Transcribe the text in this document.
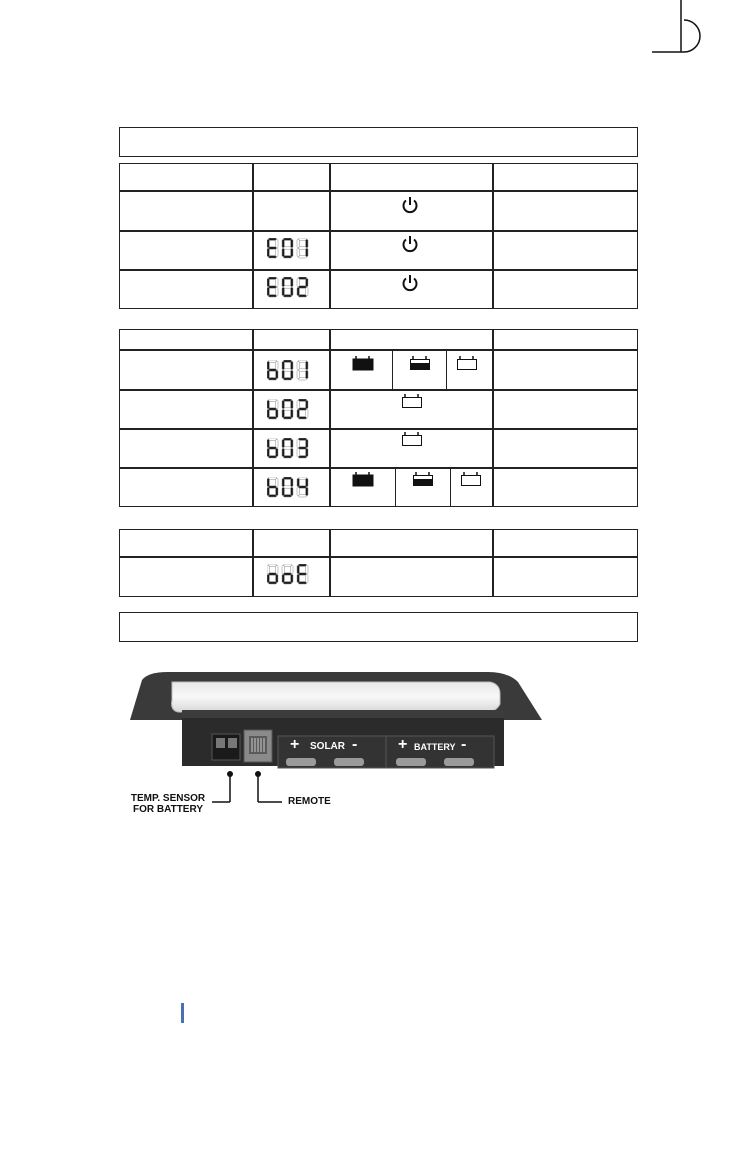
+ SOLAR -	+ BATTERY -
TEMP. SENSOR
FOR BATTERY
REMOTE
